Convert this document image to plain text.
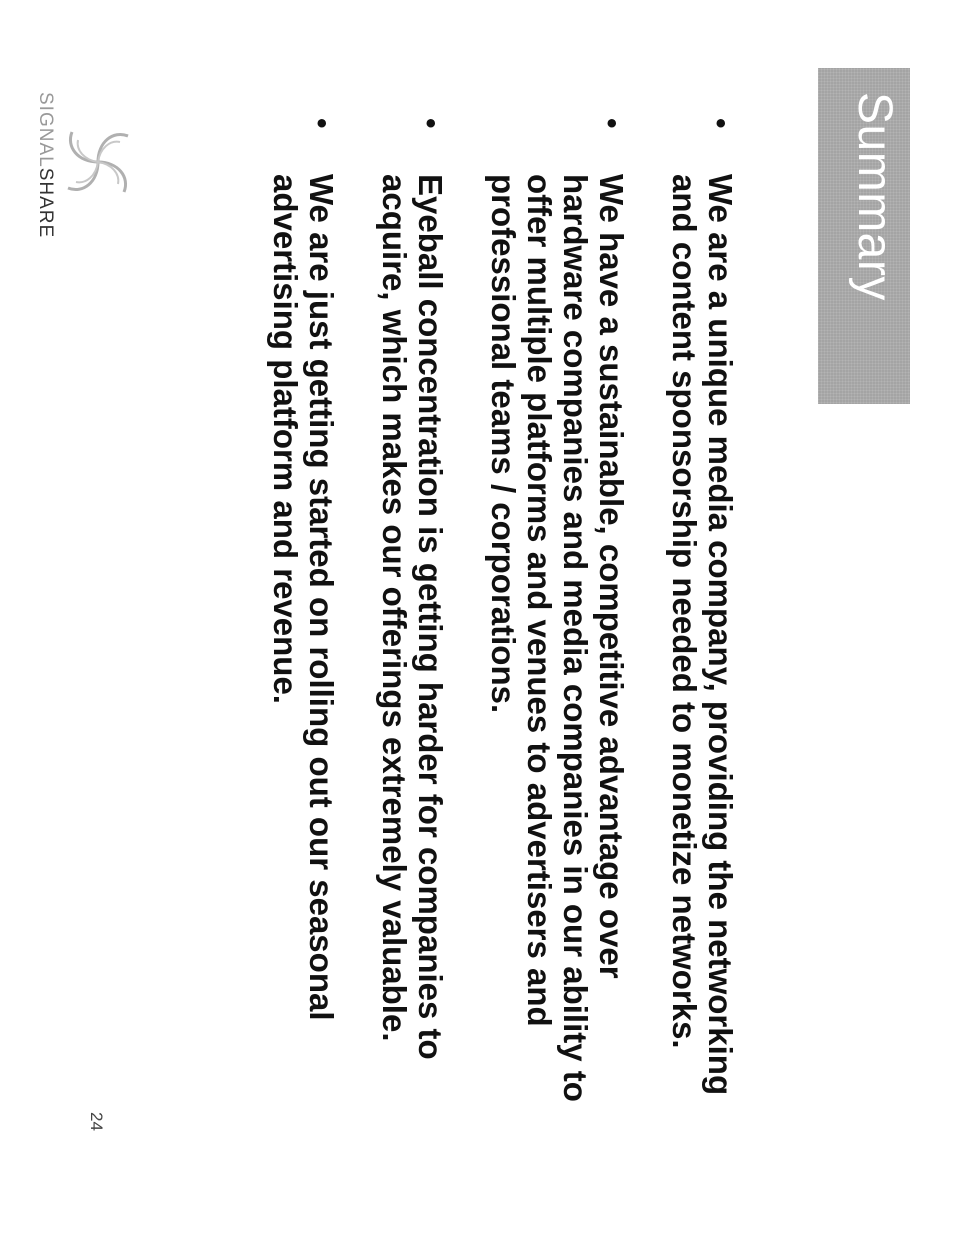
Summary
•
We are a unique media company, providing the networking and content sponsorship needed to monetize networks.
•
We have a sustainable, competitive advantage over hardware companies and media companies in our ability to offer multiple platforms and venues to advertisers and professional teams / corporations.
•
Eyeball concentration is getting harder for companies to acquire, which makes our offerings extremely valuable.
•
We are just getting started on rolling out our seasonal advertising platform and revenue.
SIGNALSHARE
24
